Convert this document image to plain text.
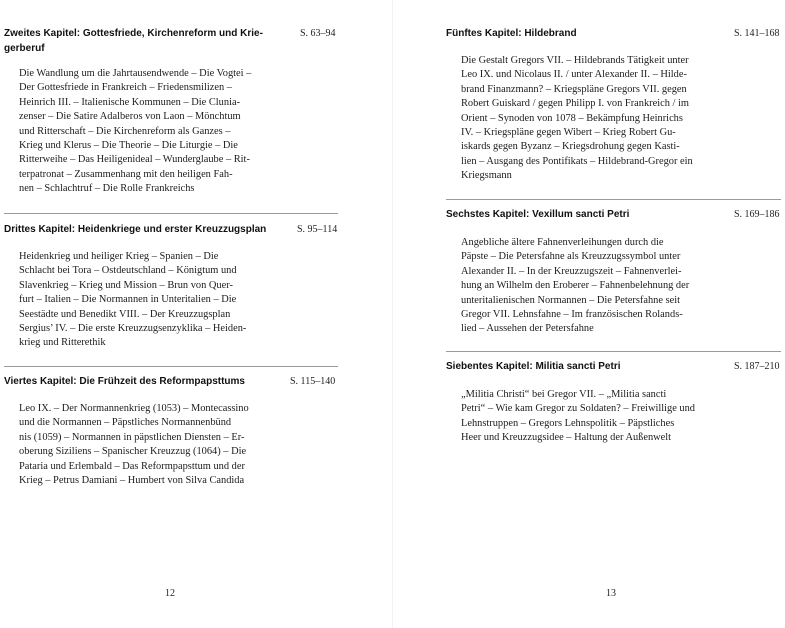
Zweites Kapitel: Gottesfriede, Kirchenreform und Krie-
gerberuf
S. 63–94
Die Wandlung um die Jahrtausendwende – Die Vogtei –
Der Gottesfriede in Frankreich – Friedensmilizen –
Heinrich III. – Italienische Kommunen – Die Clunia-
zenser – Die Satire Adalberos von Laon – Mönchtum
und Ritterschaft – Die Kirchenreform als Ganzes –
Krieg und Klerus – Die Theorie – Die Liturgie – Die
Ritterweihe – Das Heiligenideal – Wunderglaube – Rit-
terpatronat – Zusammenhang mit den heiligen Fah-
nen – Schlachtruf – Die Rolle Frankreichs
Drittes Kapitel: Heidenkriege und erster Kreuzzugsplan	S. 95–114
Heidenkrieg und heiliger Krieg – Spanien – Die
Schlacht bei Tora – Ostdeutschland – Königtum und
Slavenkrieg – Krieg und Mission – Brun von Quer-
furt – Italien – Die Normannen in Unteritalien – Die
Seestädte und Benedikt VIII. – Der Kreuzzugsplan
Sergius’ IV. – Die erste Kreuzzugsenzyklika – Heiden-
krieg und Ritterethik
Viertes Kapitel: Die Frühzeit des Reformpapsttums	S. 115–140
Leo IX. – Der Normannenkrieg (1053) – Montecassino
und die Normannen – Päpstliches Normannenbünd
nis (1059) – Normannen in päpstlichen Diensten – Er-
oberung Siziliens – Spanischer Kreuzzug (1064) – Die
Pataria und Erlembald – Das Reformpapsttum und der
Krieg – Petrus Damiani – Humbert von Silva Candida
12
Fünftes Kapitel: Hildebrand	S. 141–168
Die Gestalt Gregors VII. – Hildebrands Tätigkeit unter
Leo IX. und Nicolaus II. / unter Alexander II. – Hilde-
brand Finanzmann? – Kriegspläne Gregors VII. gegen
Robert Guiskard / gegen Philipp I. von Frankreich / im
Orient – Synoden von 1078 – Bekämpfung Heinrichs
IV. – Kriegspläne gegen Wibert – Krieg Robert Gu-
iskards gegen Byzanz – Kriegsdrohung gegen Kasti-
lien – Ausgang des Pontifikats – Hildebrand-Gregor ein
Kriegsmann
Sechstes Kapitel: Vexillum sancti Petri	S. 169–186
Angebliche ältere Fahnenverleihungen durch die
Päpste – Die Petersfahne als Kreuzzugssymbol unter
Alexander II. – In der Kreuzzugszeit – Fahnenverlei-
hung an Wilhelm den Eroberer – Fahnenbelehnung der
unteritalienischen Normannen – Die Petersfahne seit
Gregor VII. Lehnsfahne – Im französischen Rolands-
lied – Aussehen der Petersfahne
Siebentes Kapitel: Militia sancti Petri	S. 187–210
„Militia Christi“ bei Gregor VII. – „Militia sancti
Petri“ – Wie kam Gregor zu Soldaten? – Freiwillige und
Lehnstruppen – Gregors Lehnspolitik – Päpstliches
Heer und Kreuzzugsidee – Haltung der Außenwelt
13
